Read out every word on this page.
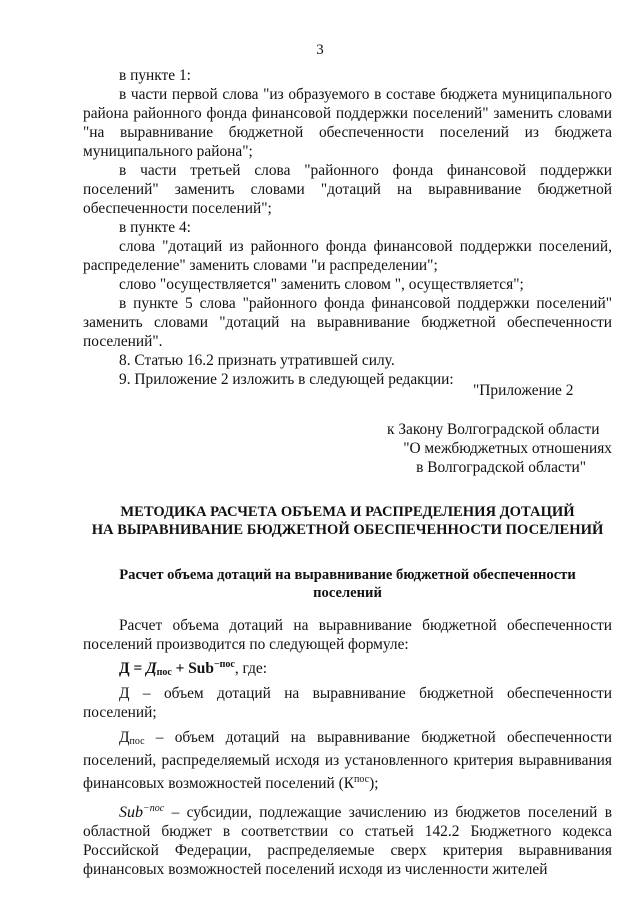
3

в пункте 1:

в части первой слова "из образуемого в составе бюджета муниципального района районного фонда финансовой поддержки поселений" заменить словами "на выравнивание бюджетной обеспеченности поселений из бюджета муниципального района";

в части третьей слова "районного фонда финансовой поддержки поселений" заменить словами "дотаций на выравнивание бюджетной обеспеченности поселений";

в пункте 4:

слова "дотаций из районного фонда финансовой поддержки поселений, распределение" заменить словами "и распределении";

слово "осуществляется" заменить словом ", осуществляется";

в пункте 5 слова "районного фонда финансовой поддержки поселений" заменить словами "дотаций на выравнивание бюджетной обеспеченности поселений".

8. Статью 16.2 признать утратившей силу.

9. Приложение 2 изложить в следующей редакции:

"Приложение 2
к Закону Волгоградской области
"О межбюджетных отношениях
в Волгоградской области"
МЕТОДИКА РАСЧЕТА ОБЪЕМА И РАСПРЕДЕЛЕНИЯ ДОТАЦИЙ
НА ВЫРАВНИВАНИЕ БЮДЖЕТНОЙ ОБЕСПЕЧЕННОСТИ ПОСЕЛЕНИЙ
Расчет объема дотаций на выравнивание бюджетной обеспеченности поселений

Расчет объема дотаций на выравнивание бюджетной обеспеченности поселений производится по следующей формуле:

$Д = Д_{пос} + Sub^{-пос}$, где:

Д – объем дотаций на выравнивание бюджетной обеспеченности поселений;

$Д_{пос}$ – объем дотаций на выравнивание бюджетной обеспеченности поселений, распределяемый исходя из установленного критерия выравнивания финансовых возможностей поселений $(К^{пос})$;

Sub$^{-пос}$ – субсидии, подлежащие зачислению из бюджетов поселений в областной бюджет в соответствии со статьей 142.2 Бюджетного кодекса Российской Федерации, распределяемые сверх критерия выравнивания финансовых возможностей поселений исходя из численности жителей
